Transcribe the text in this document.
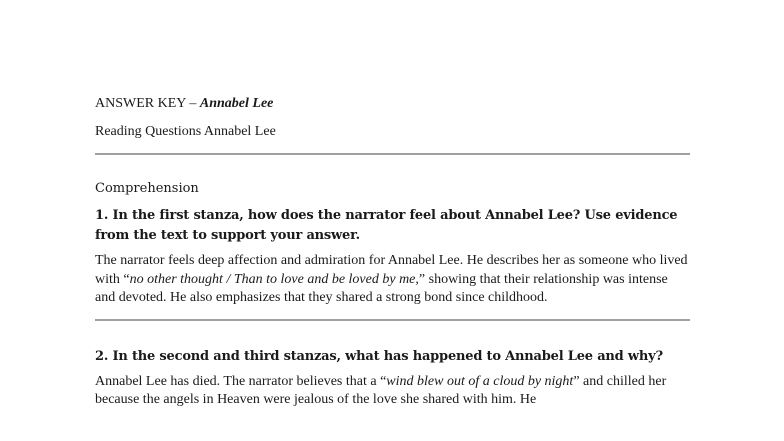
ANSWER KEY – Annabel Lee

Reading Questions Annabel Lee

Comprehension

1. In the first stanza, how does the narrator feel about Annabel Lee? Use evidence from the text to support your answer.

The narrator feels deep affection and admiration for Annabel Lee. He describes her as someone who lived with “no other thought / Than to love and be loved by me,” showing that their relationship was intense and devoted. He also emphasizes that they shared a strong bond since childhood.

2. In the second and third stanzas, what has happened to Annabel Lee and why?

Annabel Lee has died. The narrator believes that a “wind blew out of a cloud by night” and chilled her because the angels in Heaven were jealous of the love she shared with him. He
